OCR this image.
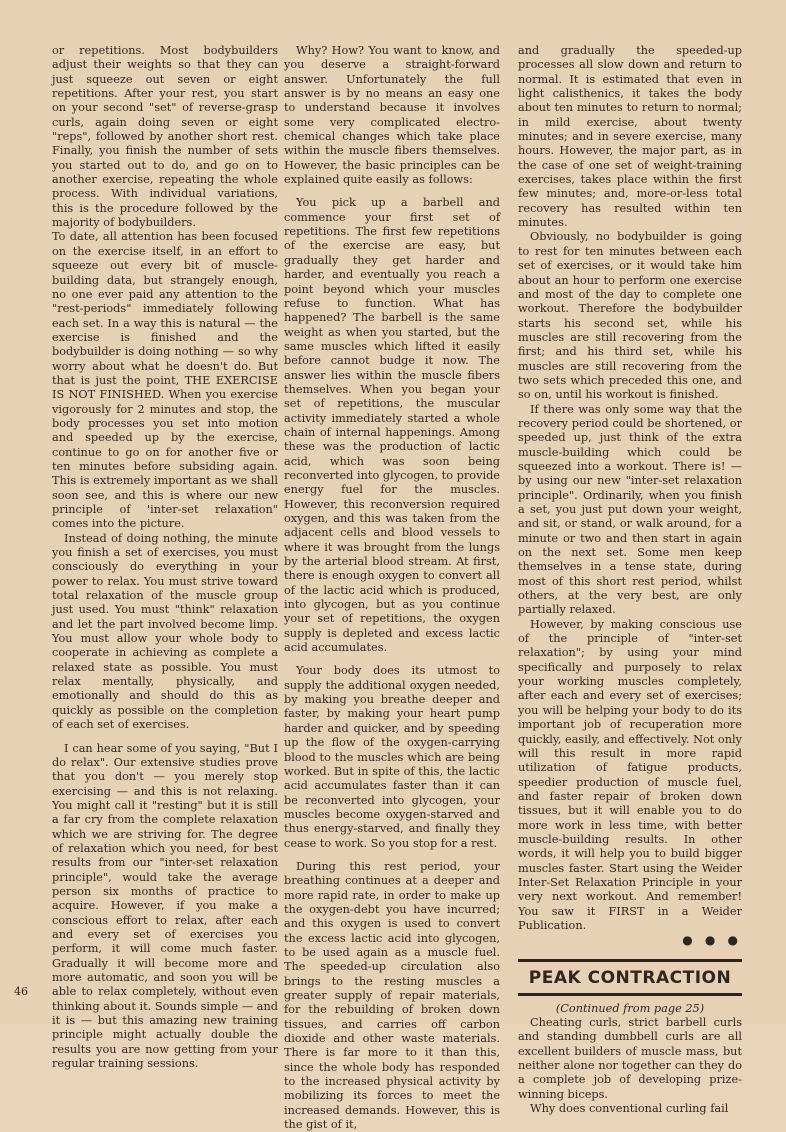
or repetitions. Most bodybuilders adjust their weights so that they can just squeeze out seven or eight repetitions. After your rest, you start on your second "set" of reverse-grasp curls, again doing seven or eight "reps", followed by another short rest. Finally, you finish the number of sets you started out to do, and go on to another exercise, repeating the whole process. With individual variations, this is the procedure followed by the majority of bodybuilders.

To date, all attention has been focused on the exercise itself, in an effort to squeeze out every bit of muscle-building data, but strangely enough, no one ever paid any attention to the "rest-periods" immediately following each set. In a way this is natural — the exercise is finished and the bodybuilder is doing nothing — so why worry about what he doesn't do. But that is just the point, THE EXERCISE IS NOT FINISHED. When you exercise vigorously for 2 minutes and stop, the body processes you set into motion and speeded up by the exercise, continue to go on for another five or ten minutes before subsiding again. This is extremely important as we shall soon see, and this is where our new principle of 'inter-set relaxation" comes into the picture.

Instead of doing nothing, the minute you finish a set of exercises, you must consciously do everything in your power to relax. You must strive toward total relaxation of the muscle group just used. You must "think" relaxation and let the part involved become limp. You must allow your whole body to cooperate in achieving as complete a relaxed state as possible. You must relax mentally, physically, and emotionally and should do this as quickly as possible on the completion of each set of exercises.

I can hear some of you saying, "But I do relax". Our extensive studies prove that you don't — you merely stop exercising — and this is not relaxing. You might call it "resting" but it is still a far cry from the complete relaxation which we are striving for. The degree of relaxation which you need, for best results from our "inter-set relaxation principle", would take the average person six months of practice to acquire. However, if you make a conscious effort to relax, after each and every set of exercises you perform, it will come much faster. Gradually it will become more and more automatic, and soon you will be able to relax completely, without even thinking about it. Sounds simple — and it is — but this amazing new training principle might actually double the results you are now getting from your regular training sessions.

Why? How? You want to know, and you deserve a straight-forward answer. Unfortunately the full answer is by no means an easy one to understand because it involves some very complicated electro-chemical changes which take place within the muscle fibers themselves. However, the basic principles can be explained quite easily as follows:

You pick up a barbell and commence your first set of repetitions. The first few repetitions of the exercise are easy, but gradually they get harder and harder, and eventually you reach a point beyond which your muscles refuse to function. What has happened? The barbell is the same weight as when you started, but the same muscles which lifted it easily before cannot budge it now. The answer lies within the muscle fibers themselves. When you began your set of repetitions, the muscular activity immediately started a whole chain of internal happenings. Among these was the production of lactic acid, which was soon being reconverted into glycogen, to provide energy fuel for the muscles. However, this reconversion required oxygen, and this was taken from the adjacent cells and blood vessels to where it was brought from the lungs by the arterial blood stream. At first, there is enough oxygen to convert all of the lactic acid which is produced, into glycogen, but as you continue your set of repetitions, the oxygen supply is depleted and excess lactic acid accumulates.

Your body does its utmost to supply the additional oxygen needed, by making you breathe deeper and faster, by making your heart pump harder and quicker, and by speeding up the flow of the oxygen-carrying blood to the muscles which are being worked. But in spite of this, the lactic acid accumulates faster than it can be reconverted into glycogen, your muscles become oxygen-starved and thus energy-starved, and finally they cease to work. So you stop for a rest.

During this rest period, your breathing continues at a deeper and more rapid rate, in order to make up the oxygen-debt you have incurred; and this oxygen is used to convert the excess lactic acid into glycogen, to be used again as a muscle fuel. The speeded-up circulation also brings to the resting muscles a greater supply of repair materials, for the rebuilding of broken down tissues, and carries off carbon dioxide and other waste materials. There is far more to it than this, since the whole body has responded to the increased physical activity by mobilizing its forces to meet the increased demands. However, this is the gist of it,

and gradually the speeded-up processes all slow down and return to normal. It is estimated that even in light calisthenics, it takes the body about ten minutes to return to normal; in mild exercise, about twenty minutes; and in severe exercise, many hours. However, the major part, as in the case of one set of weight-training exercises, takes place within the first few minutes; and, more-or-less total recovery has resulted within ten minutes.

Obviously, no bodybuilder is going to rest for ten minutes between each set of exercises, or it would take him about an hour to perform one exercise and most of the day to complete one workout. Therefore the bodybuilder starts his second set, while his muscles are still recovering from the first; and his third set, while his muscles are still recovering from the two sets which preceded this one, and so on, until his workout is finished.

If there was only some way that the recovery period could be shortened, or speeded up, just think of the extra muscle-building which could be squeezed into a workout. There is! — by using our new "inter-set relaxation principle". Ordinarily, when you finish a set, you just put down your weight, and sit, or stand, or walk around, for a minute or two and then start in again on the next set. Some men keep themselves in a tense state, during most of this short rest period, whilst others, at the very best, are only partially relaxed.

However, by making conscious use of the principle of "inter-set relaxation"; by using your mind specifically and purposely to relax your working muscles completely, after each and every set of exercises; you will be helping your body to do its important job of recuperation more quickly, easily, and effectively. Not only will this result in more rapid utilization of fatigue products, speedier production of muscle fuel, and faster repair of broken down tissues, but it will enable you to do more work in less time, with better muscle-building results. In other words, it will help you to build bigger muscles faster. Start using the Weider Inter-Set Relaxation Principle in your very next workout. And remember! You saw it FIRST in a Weider Publication.

● ● ●

PEAK CONTRACTION

(Continued from page 25)

Cheating curls, strict barbell curls and standing dumbbell curls are all excellent builders of muscle mass, but neither alone nor together can they do a complete job of developing prize-winning biceps.

Why does conventional curling fail

46
